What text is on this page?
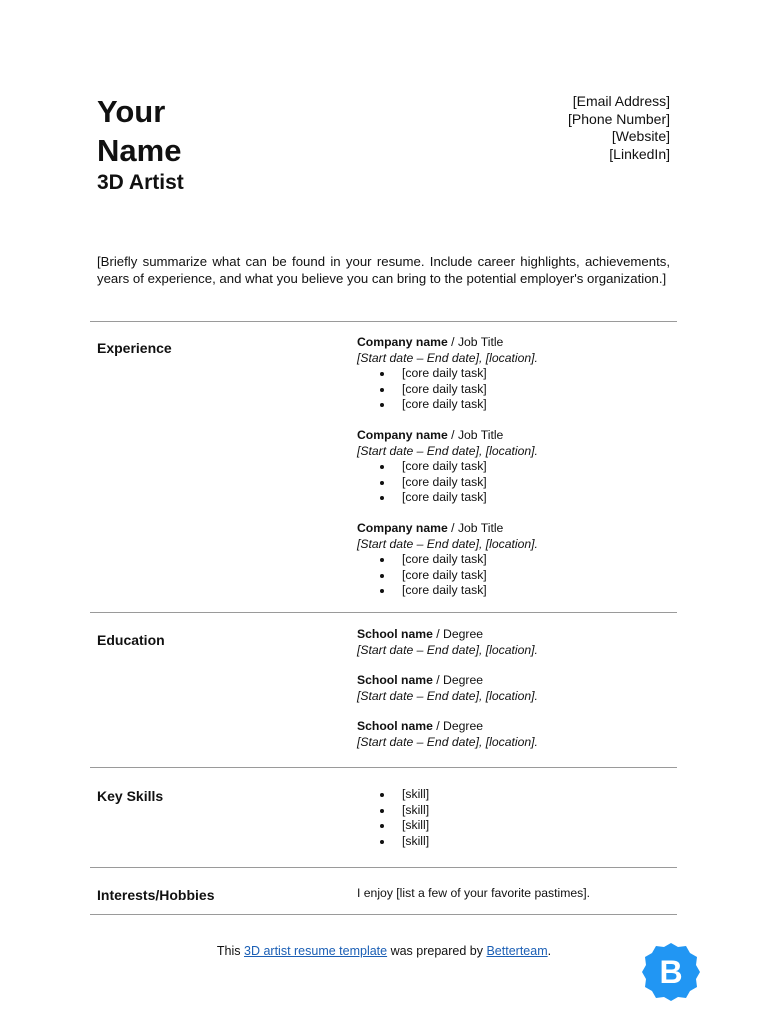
Your
Name
3D Artist
[Email Address]
[Phone Number]
[Website]
[LinkedIn]
[Briefly summarize what can be found in your resume. Include career highlights, achievements, years of experience, and what you believe you can bring to the potential employer's organization.]
Experience	Company name / Job Title
[Start date – End date], [location].
[core daily task]
[core daily task]
[core daily task]
Company name / Job Title
[Start date – End date], [location].
[core daily task]
[core daily task]
[core daily task]
Company name / Job Title
[Start date – End date], [location].
[core daily task]
[core daily task]
[core daily task]
Education	School name / Degree
[Start date – End date], [location].
School name / Degree
[Start date – End date], [location].
School name / Degree
[Start date – End date], [location].
Key Skills	[skill]
[skill]
[skill]
[skill]
Interests/Hobbies	I enjoy [list a few of your favorite pastimes].
This 3D artist resume template was prepared by Betterteam.
B
